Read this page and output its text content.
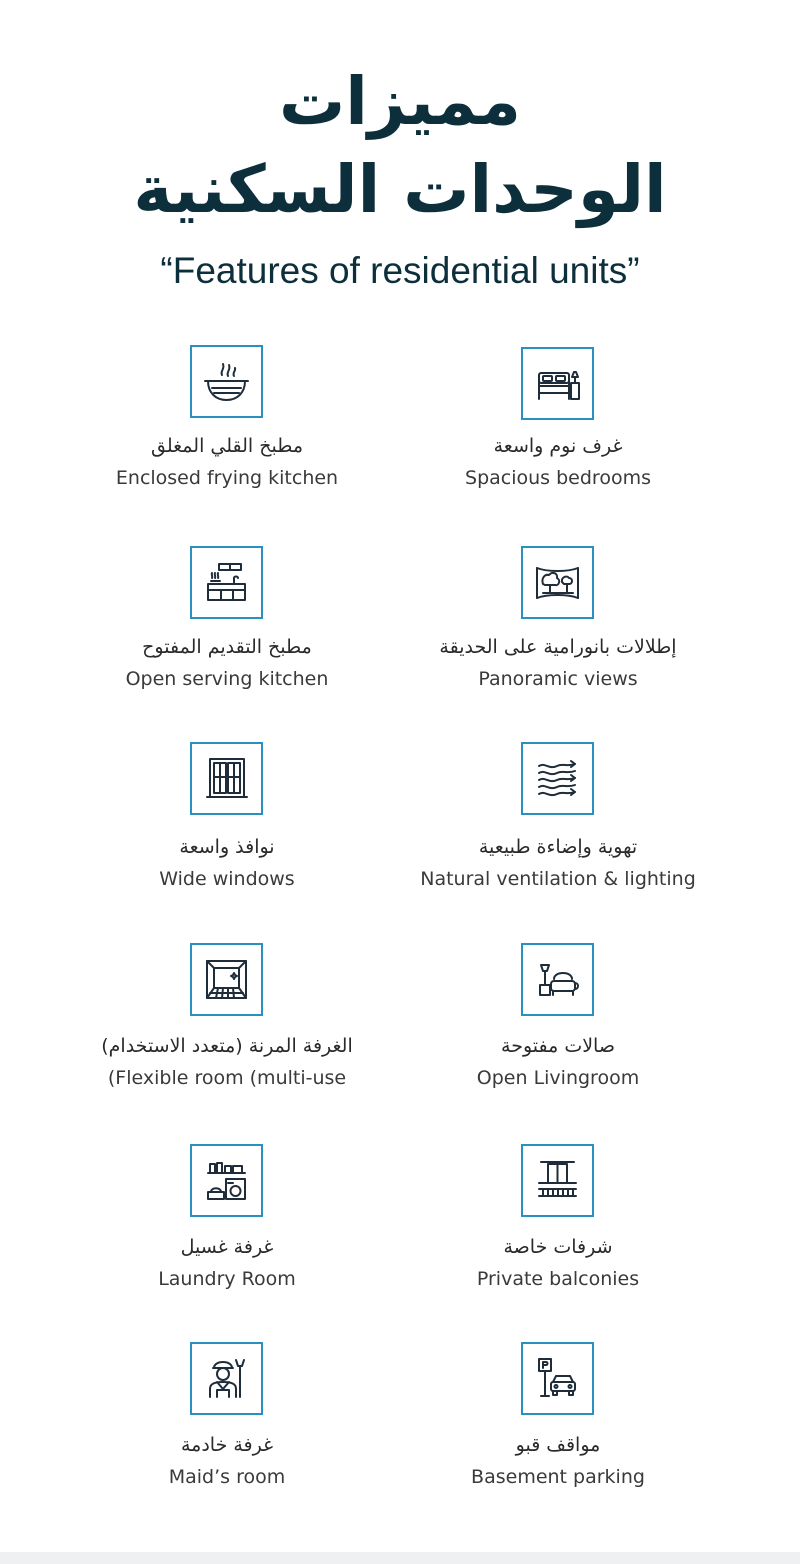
مميزات
الوحدات السكنية
“Features of residential units”
مطبخ القلي المغلق
Enclosed frying kitchen
غرف نوم واسعة
Spacious bedrooms
مطبخ التقديم المفتوح
Open serving kitchen
إطلالات بانورامية على الحديقة
Panoramic views
نوافذ واسعة
Wide windows
تهوية وإضاءة طبيعية
Natural ventilation & lighting
الغرفة المرنة (متعدد الاستخدام)
(Flexible room (multi-use
صالات مفتوحة
Open Livingroom
غرفة غسيل
Laundry Room
شرفات خاصة
Private balconies
غرفة خادمة
Maid’s room
مواقف قبو
Basement parking
